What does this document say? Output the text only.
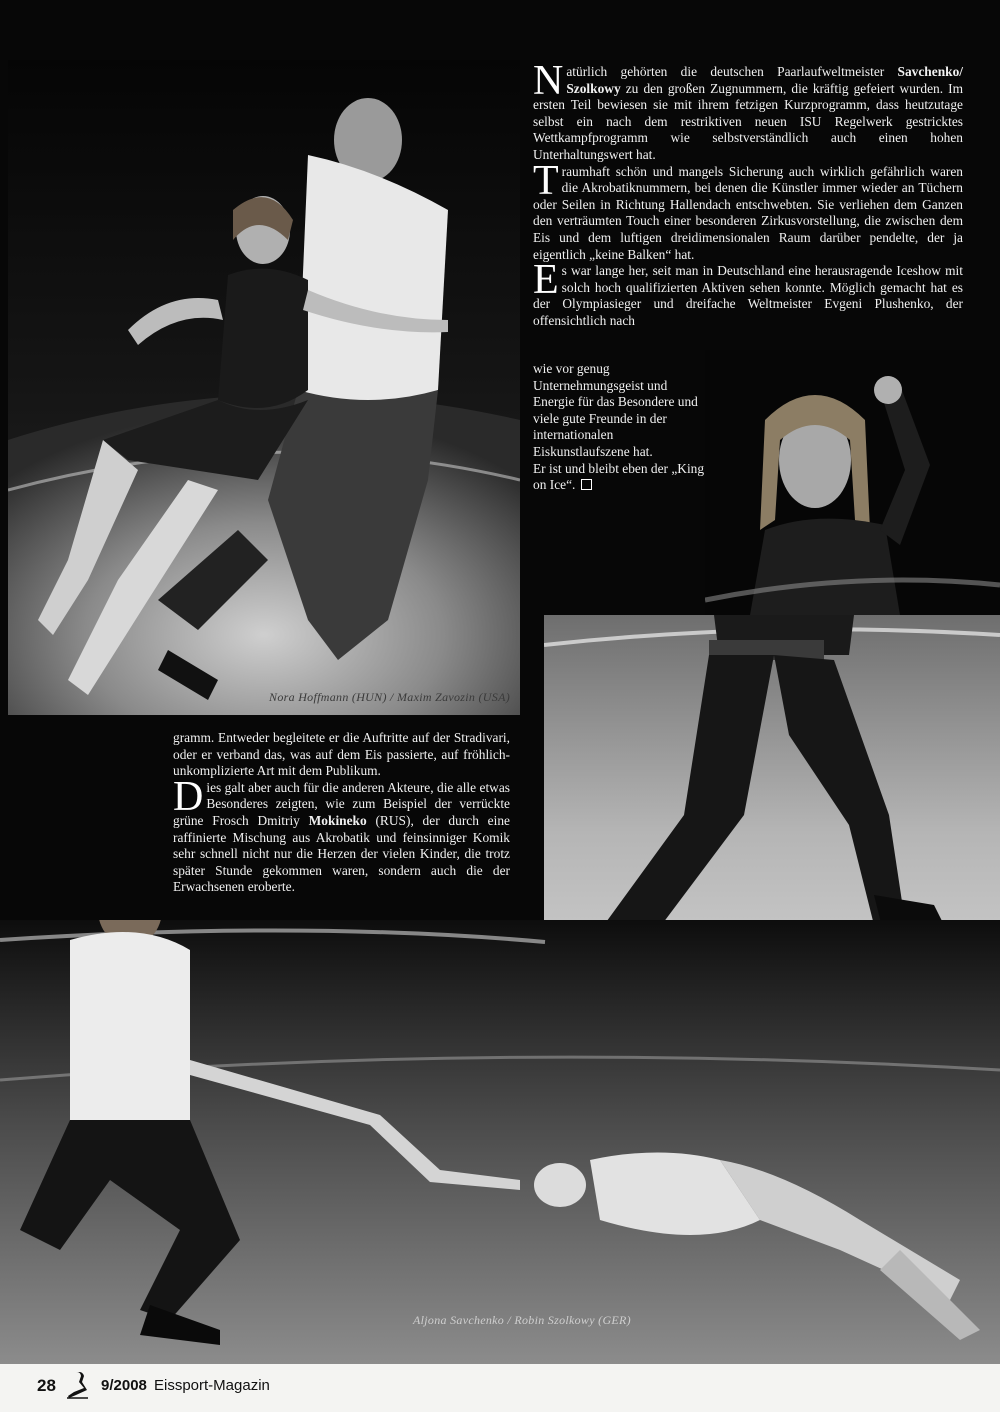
Nora Hoffmann (HUN) / Maxim Zavozin (USA)

Natürlich gehörten die deutschen Paarlaufweltmeister Savchenko/ Szolkowy zu den großen Zugnummern, die kräftig gefeiert wurden. Im ersten Teil bewiesen sie mit ihrem fetzigen Kurzprogramm, dass heutzutage selbst ein nach dem restriktiven neuen ISU Regelwerk gestricktes Wettkampfprogramm wie selbstverständlich auch einen hohen Unterhaltungswert hat.

Traumhaft schön und mangels Sicherung auch wirklich gefährlich waren die Akrobatiknummern, bei denen die Künstler immer wieder an Tüchern oder Seilen in Richtung Hallendach entschwebten. Sie verliehen dem Ganzen den verträumten Touch einer besonderen Zirkusvorstellung, die zwischen dem Eis und dem luftigen dreidimensionalen Raum darüber pendelte, der ja eigentlich „keine Balken“ hat.

Es war lange her, seit man in Deutschland eine herausragende Iceshow mit solch hoch qualifizierten Aktiven sehen konnte. Möglich gemacht hat es der Olympiasieger und dreifache Weltmeister Evgeni Plushenko, der offensichtlich nach

wie vor genug Unternehmungsgeist und Energie für das Besondere und viele gute Freunde in der internationalen Eiskunstlaufszene hat.

Er ist und bleibt eben der „King on Ice“.

gramm. Entweder begleitete er die Auftritte auf der Stradivari, oder er verband das, was auf dem Eis passierte, auf fröhlich-unkomplizierte Art mit dem Publikum.

Dies galt aber auch für die anderen Akteure, die alle etwas Besonderes zeigten, wie zum Beispiel der verrückte grüne Frosch Dmitriy Mokineko (RUS), der durch eine raffinierte Mischung aus Akrobatik und feinsinniger Komik sehr schnell nicht nur die Herzen der vielen Kinder, die trotz später Stunde gekommen waren, sondern auch die der Erwachsenen eroberte.

Aljona Savchenko / Robin Szolkowy (GER)
28	9/2008 Eissport-Magazin
